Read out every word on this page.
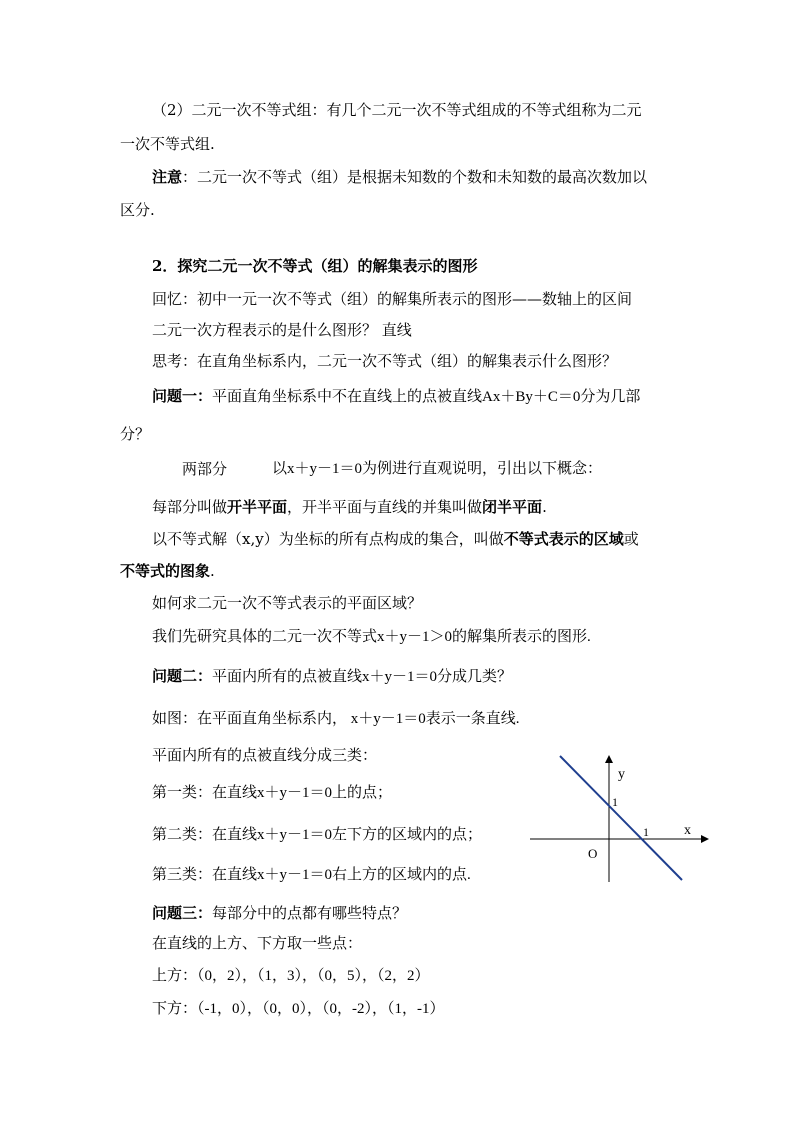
（2）二元一次不等式组：有几个二元一次不等式组成的不等式组称为二元
一次不等式组.
注意：二元一次不等式（组）是根据未知数的个数和未知数的最高次数加以
区分.
2．探究二元一次不等式（组）的解集表示的图形
回忆：初中一元一次不等式（组）的解集所表示的图形——数轴上的区间
二元一次方程表示的是什么图形？ 直线
思考：在直角坐标系内，二元一次不等式（组）的解集表示什么图形？
问题一：平面直角坐标系中不在直线上的点被直线Ax＋By＋C＝0分为几部
分？
两部分	以x＋y－1＝0为例进行直观说明，引出以下概念：
每部分叫做开半平面，开半平面与直线的并集叫做闭半平面.
以不等式解（x,y）为坐标的所有点构成的集合，叫做不等式表示的区域或
不等式的图象.
如何求二元一次不等式表示的平面区域？
我们先研究具体的二元一次不等式x＋y－1＞0的解集所表示的图形.
问题二：平面内所有的点被直线x＋y－1＝0分成几类？
如图：在平面直角坐标系内， x＋y－1＝0表示一条直线.
平面内所有的点被直线分成三类：
第一类：在直线x＋y－1＝0上的点；
第二类：在直线x＋y－1＝0左下方的区域内的点；
第三类：在直线x＋y－1＝0右上方的区域内的点.
问题三：每部分中的点都有哪些特点？
在直线的上方、下方取一些点：
上方：（0，2），（1，3），（0，5），（2，2）
下方：（-1，0），（0，0），（0，-2），（1，-1）
y
x
O
1
1
